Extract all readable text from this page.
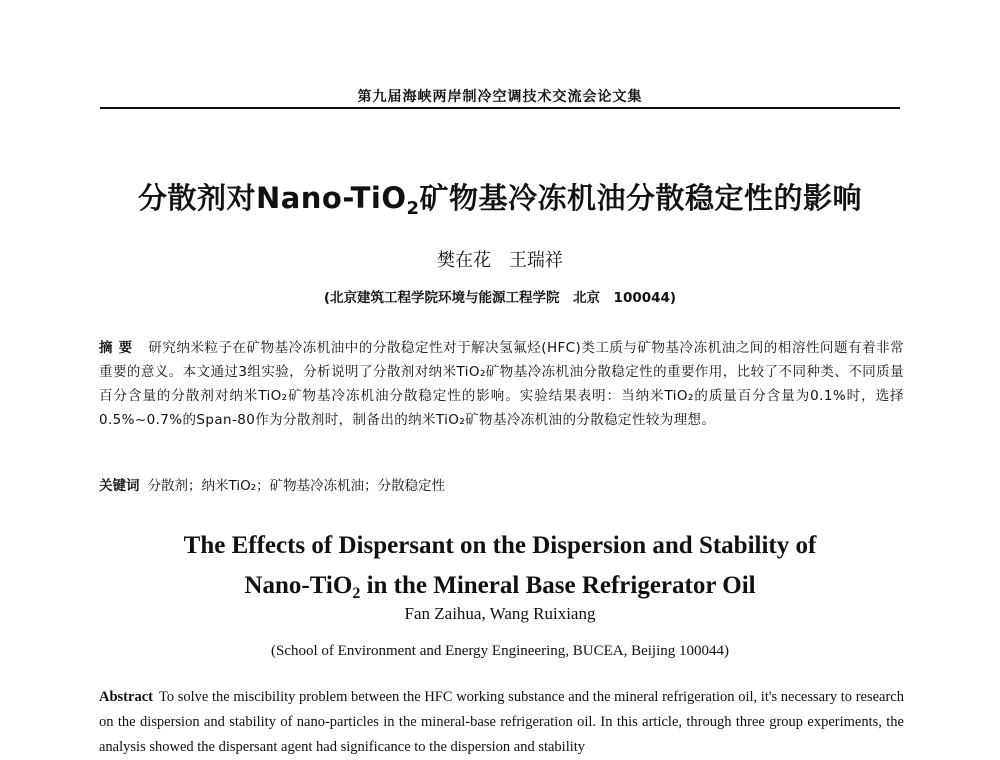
第九届海峡两岸制冷空调技术交流会论文集
分散剂对Nano-TiO$_2$矿物基冷冻机油分散稳定性的影响
樊在花　王瑞祥
(北京建筑工程学院环境与能源工程学院　北京　100044)

摘要 研究纳米粒子在矿物基冷冻机油中的分散稳定性对于解决氢氟烃(HFC)类工质与矿物基冷冻机油之间的相溶性问题有着非常重要的意义。本文通过3组实验，分析说明了分散剂对纳米TiO₂矿物基冷冻机油分散稳定性的重要作用，比较了不同种类、不同质量百分含量的分散剂对纳米TiO₂矿物基冷冻机油分散稳定性的影响。实验结果表明：当纳米TiO₂的质量百分含量为0.1%时，选择0.5%~0.7%的Span-80作为分散剂时，制备出的纳米TiO₂矿物基冷冻机油的分散稳定性较为理想。

关键词 分散剂；纳米TiO₂；矿物基冷冻机油；分散稳定性

The Effects of Dispersant on the Dispersion and Stability of
Nano-TiO$_2$ in the Mineral Base Refrigerator Oil
Fan Zaihua, Wang Ruixiang
(School of Environment and Energy Engineering, BUCEA, Beijing 100044)

Abstract To solve the miscibility problem between the HFC working substance and the mineral refrigeration oil, it's necessary to research on the dispersion and stability of nano-particles in the mineral-base refrigeration oil. In this article, through three group experiments, the analysis showed the dispersant agent had significance to the dispersion and stability
